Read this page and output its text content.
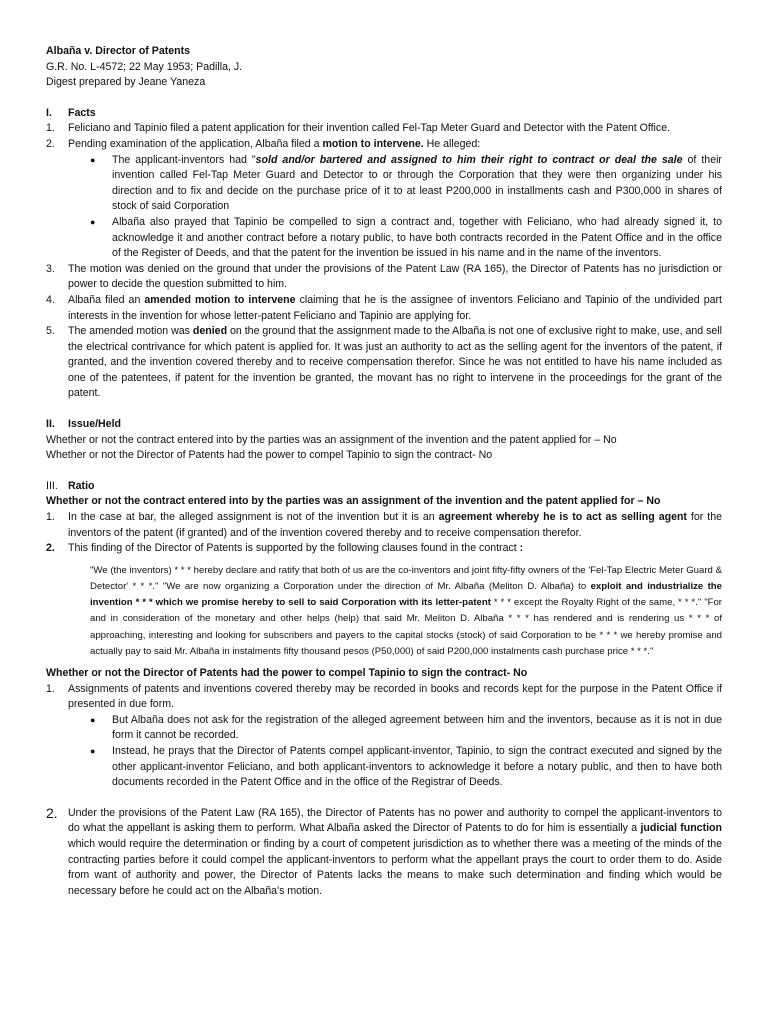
Albaña v. Director of Patents

G.R. No. L-4572; 22 May 1953; Padilla, J.

Digest prepared by Jeane Yaneza

I.	Facts
1.	Feliciano and Tapinio filed a patent application for their invention called Fel-Tap Meter Guard and Detector with the Patent Office.
2.	Pending examination of the application, Albaña filed a motion to intervene. He alleged:
●	The applicant-inventors had "sold and/or bartered and assigned to him their right to contract or deal the sale of their invention called Fel-Tap Meter Guard and Detector to or through the Corporation that they were then organizing under his direction and to fix and decide on the purchase price of it to at least P200,000 in installments cash and P300,000 in shares of stock of said Corporation
●	Albaña also prayed that Tapinio be compelled to sign a contract and, together with Feliciano, who had already signed it, to acknowledge it and another contract before a notary public, to have both contracts recorded in the Patent Office and in the office of the Register of Deeds, and that the patent for the invention be issued in his name and in the name of the inventors.
3.	The motion was denied on the ground that under the provisions of the Patent Law (RA 165), the Director of Patents has no jurisdiction or power to decide the question submitted to him.
4.	Albaña filed an amended motion to intervene claiming that he is the assignee of inventors Feliciano and Tapinio of the undivided part interests in the invention for whose letter-patent Feliciano and Tapinio are applying for.
5.	The amended motion was denied on the ground that the assignment made to the Albaña is not one of exclusive right to make, use, and sell the electrical contrivance for which patent is applied for. It was just an authority to act as the selling agent for the inventors of the patent, if granted, and the invention covered thereby and to receive compensation therefor. Since he was not entitled to have his name included as one of the patentees, if patent for the invention be granted, the movant has no right to intervene in the proceedings for the grant of the patent.
II.	Issue/Held

Whether or not the contract entered into by the parties was an assignment of the invention and the patent applied for – No

Whether or not the Director of Patents had the power to compel Tapinio to sign the contract- No

III. Ratio

Whether or not the contract entered into by the parties was an assignment of the invention and the patent applied for – No

1.	In the case at bar, the alleged assignment is not of the invention but it is an agreement whereby he is to act as selling agent for the inventors of the patent (if granted) and of the invention covered thereby and to receive compensation therefor.
2.	This finding of the Director of Patents is supported by the following clauses found in the contract :
"We (the inventors) * * * hereby declare and ratify that both of us are the co-inventors and joint fifty-fifty owners of the 'Fel-Tap Electric Meter Guard & Detector' * * *." "We are now organizing a Corporation under the direction of Mr. Albaña (Meliton D. Albaña) to exploit and industrialize the invention * * * which we promise hereby to sell to said Corporation with its letter-patent * * * except the Royalty Right of the same, * * *." "For and in consideration of the monetary and other helps (help) that said Mr. Meliton D. Albaña * * * has rendered and is rendering us * * * of approaching, interesting and looking for subscribers and payers to the capital stocks (stock) of said Corporation to be * * * we hereby promise and actually pay to said Mr. Albaña in instalments fifty thousand pesos (P50,000) of said P200,000 instalments cash purchase price * * *."

Whether or not the Director of Patents had the power to compel Tapinio to sign the contract- No

1.	Assignments of patents and inventions covered thereby may be recorded in books and records kept for the purpose in the Patent Office if presented in due form.
●	But Albaña does not ask for the registration of the alleged agreement between him and the inventors, because as it is not in due form it cannot be recorded.
●	Instead, he prays that the Director of Patents compel applicant-inventor, Tapinio, to sign the contract executed and signed by the other applicant-inventor Feliciano, and both applicant-inventors to acknowledge it before a notary public, and then to have both documents recorded in the Patent Office and in the office of the Registrar of Deeds.
2. Under the provisions of the Patent Law (RA 165), the Director of Patents has no power and authority to compel the applicant-inventors to do what the appellant is asking them to perform. What Albaña asked the Director of Patents to do for him is essentially a judicial function which would require the determination or finding by a court of competent jurisdiction as to whether there was a meeting of the minds of the contracting parties before it could compel the applicant-inventors to perform what the appellant prays the court to order them to do. Aside from want of authority and power, the Director of Patents lacks the means to make such determination and finding which would be necessary before he could act on the Albaña's motion.
